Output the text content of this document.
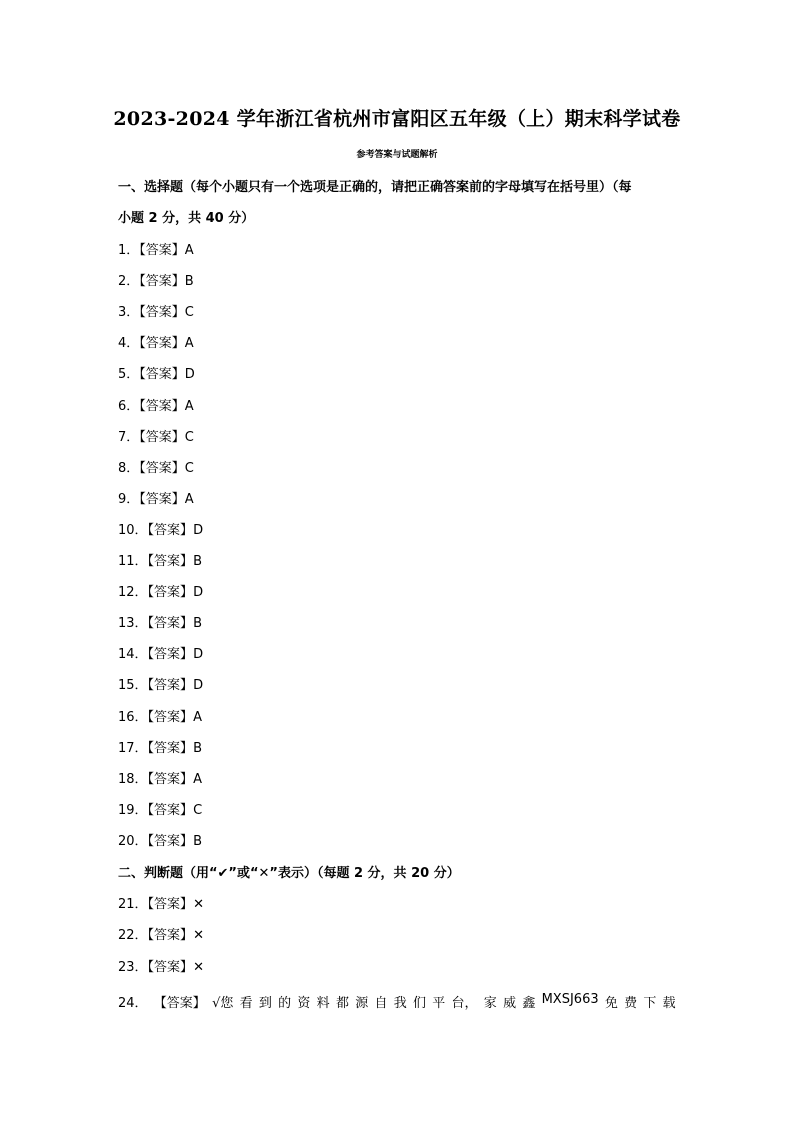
2023-2024 学年浙江省杭州市富阳区五年级（上）期末科学试卷
参考答案与试题解析
一、选择题（每个小题只有一个选项是正确的，请把正确答案前的字母填写在括号里）（每
小题 2 分，共 40 分）
1．【答案】A
2．【答案】B
3．【答案】C
4．【答案】A
5．【答案】D
6．【答案】A
7．【答案】C
8．【答案】C
9．【答案】A
10．【答案】D
11．【答案】B
12．【答案】D
13．【答案】B
14．【答案】D
15．【答案】D
16．【答案】A
17．【答案】B
18．【答案】A
19．【答案】C
20．【答案】B
二、判断题（用“✔”或“✕”表示）（每题 2 分，共 20 分）
21．【答案】✕
22．【答案】✕
23．【答案】✕
24． 【答案】 √您 看 到 的 资 料 都 源 自 我 们 平 台， 家 威 鑫 MXSJ663 免 费 下 载
